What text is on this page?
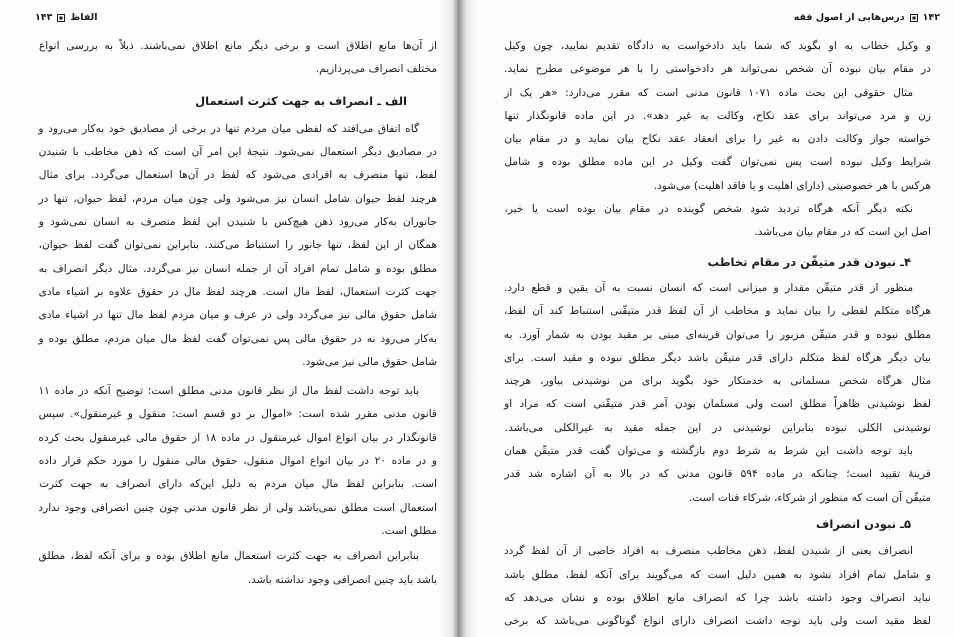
الفاظ
۱۴۳
از آن‌ها مانع اطلاق است و برخی دیگر مانع اطلاق نمی‌باشند. ذیلاً به بررسی انواع
مختلف انصراف می‌پردازیم.
الف ـ انصراف به جهت کثرت استعمال
گاه اتفاق می‌افتد که لفظی میان مردم تنها در برخی از مصادیق خود به‌کار می‌رود و
در مصادیق دیگر استعمال نمی‌شود. نتیجهٔ این امر آن است که ذهن مخاطب با شنیدن
لفظ، تنها منصرف به افرادی می‌شود که لفظ در آن‌ها استعمال می‌گردد. برای مثال
هرچند لفظ حیوان شامل انسان نیز می‌شود ولی چون میان مردم، لفظ حیوان، تنها در
جانوران به‌کار می‌رود ذهن هیچ‌کس با شنیدن این لفظ منصرف به انسان نمی‌شود و
همگان از این لفظ، تنها جانور را استنباط می‌کنند. بنابراین نمی‌توان گفت لفظ حیوان،
مطلق بوده و شامل تمام افراد آن از جمله انسان نیز می‌گردد. مثال دیگر انصراف به
جهت کثرت استعمال، لفظ مال است. هرچند لفظ مال در حقوق علاوه بر اشیاء مادی
شامل حقوق مالی نیز می‌گردد ولی در عرف و میان مردم لفظ مال تنها در اشیاء مادی
به‌کار می‌رود نه در حقوق مالی پس نمی‌توان گفت لفظ مال میان مردم، مطلق بوده و
شامل حقوق مالی نیز می‌شود.
باید توجه داشت لفظ مال از نظر قانون مدنی مطلق است؛ توضیح آنکه در ماده ۱۱
قانون مدنی مقرر شده است: «اموال بر دو قسم است: منقول و غیرمنقول». سپس
قانونگذار در بیان انواع اموال غیرمنقول در ماده ۱۸ از حقوق مالی غیرمنقول بحث کرده
و در ماده ۲۰ در بیان انواع اموال منقول، حقوق مالی منقول را مورد حکم قرار داده
است. بنابراین لفظ مال میان مردم به دلیل این‌که دارای انصراف به جهت کثرت
استعمال است مطلق نمی‌باشد ولی از نظر قانون مدنی چون چنین انصرافی وجود ندارد
مطلق است.
بنابراین انصراف به جهت کثرت استعمال مانع اطلاق بوده و برای آنکه لفظ، مطلق
باشد باید چنین انصرافی وجود نداشته باشد.
۱۴۲
درس‌هایی از اصول فقه
و وکیل خطاب به او بگوید که شما باید دادخواست به دادگاه تقدیم نمایید، چون وکیل
در مقام بیان نبوده آن شخص نمی‌تواند هر دادخواستی را با هر موضوعی مطرح نماید.
مثال حقوقی این بحث ماده ۱۰۷۱ قانون مدنی است که مقرر می‌دارد: «هر یک از
زن و مرد می‌تواند برای عقد نکاح، وکالت به غیر دهد». در این ماده قانونگذار تنها
خواسته جواز وکالت دادن به غیر را برای انعقاد عقد نکاح بیان نماید و در مقام بیان
شرایط وکیل نبوده است پس نمی‌توان گفت وکیل در این ماده مطلق بوده و شامل
هرکس با هر خصوصیتی (دارای اهلیت و یا فاقد اهلیت) می‌شود.
نکته دیگر آنکه هرگاه تردید شود شخص گوینده در مقام بیان بوده است یا خیر،
اصل این است که در مقام بیان می‌باشد.
۴ـ نبودن قدر متیقّن در مقام تخاطب
منظور از قدر متیقّن مقدار و میزانی است که انسان نسبت به آن یقین و قطع دارد.
هرگاه متکلم لفظی را بیان نماید و مخاطب از آن لفظ قدر متیقّنی استنباط کند آن لفظ،
مطلق نبوده و قدر متیقّن مزبور را می‌توان قرینه‌ای مبنی بر مقید بودن به شمار آورد. به
بیان دیگر هرگاه لفظ متکلم دارای قدر متیقّن باشد دیگر مطلق نبوده و مقید است. برای
مثال هرگاه شخص مسلمانی به خدمتکار خود بگوید برای من نوشیدنی بیاور، هرچند
لفظ نوشیدنی ظاهراً مطلق است ولی مسلمان بودن آمر قدر متیقّنی است که مراد او
نوشیدنی الکلی نبوده بنابراین نوشیدنی در این جمله مقید به غیرالکلی می‌باشد.
باید توجه داشت این شرط به شرط دوم بازگشته و می‌توان گفت قدر متیقّن همان
قرینهٔ تقیید است؛ چنانکه در ماده ۵۹۴ قانون مدنی که در بالا به آن اشاره شد قدر
متیقّن آن است که منظور از شرکاء، شرکاء قنات است.
۵ـ نبودن انصراف
انصراف یعنی از شنیدن لفظ، ذهن مخاطب منصرف به افراد خاصی از آن لفظ گردد
و شامل تمام افراد نشود به همین دلیل است که می‌گویند برای آنکه لفظ، مطلق باشد
نباید انصراف وجود داشته باشد چرا که انصراف مانع اطلاق بوده و نشان می‌دهد که
لفظ مقید است ولی باید توجه داشت انصراف دارای انواع گوناگونی می‌باشد که برخی
